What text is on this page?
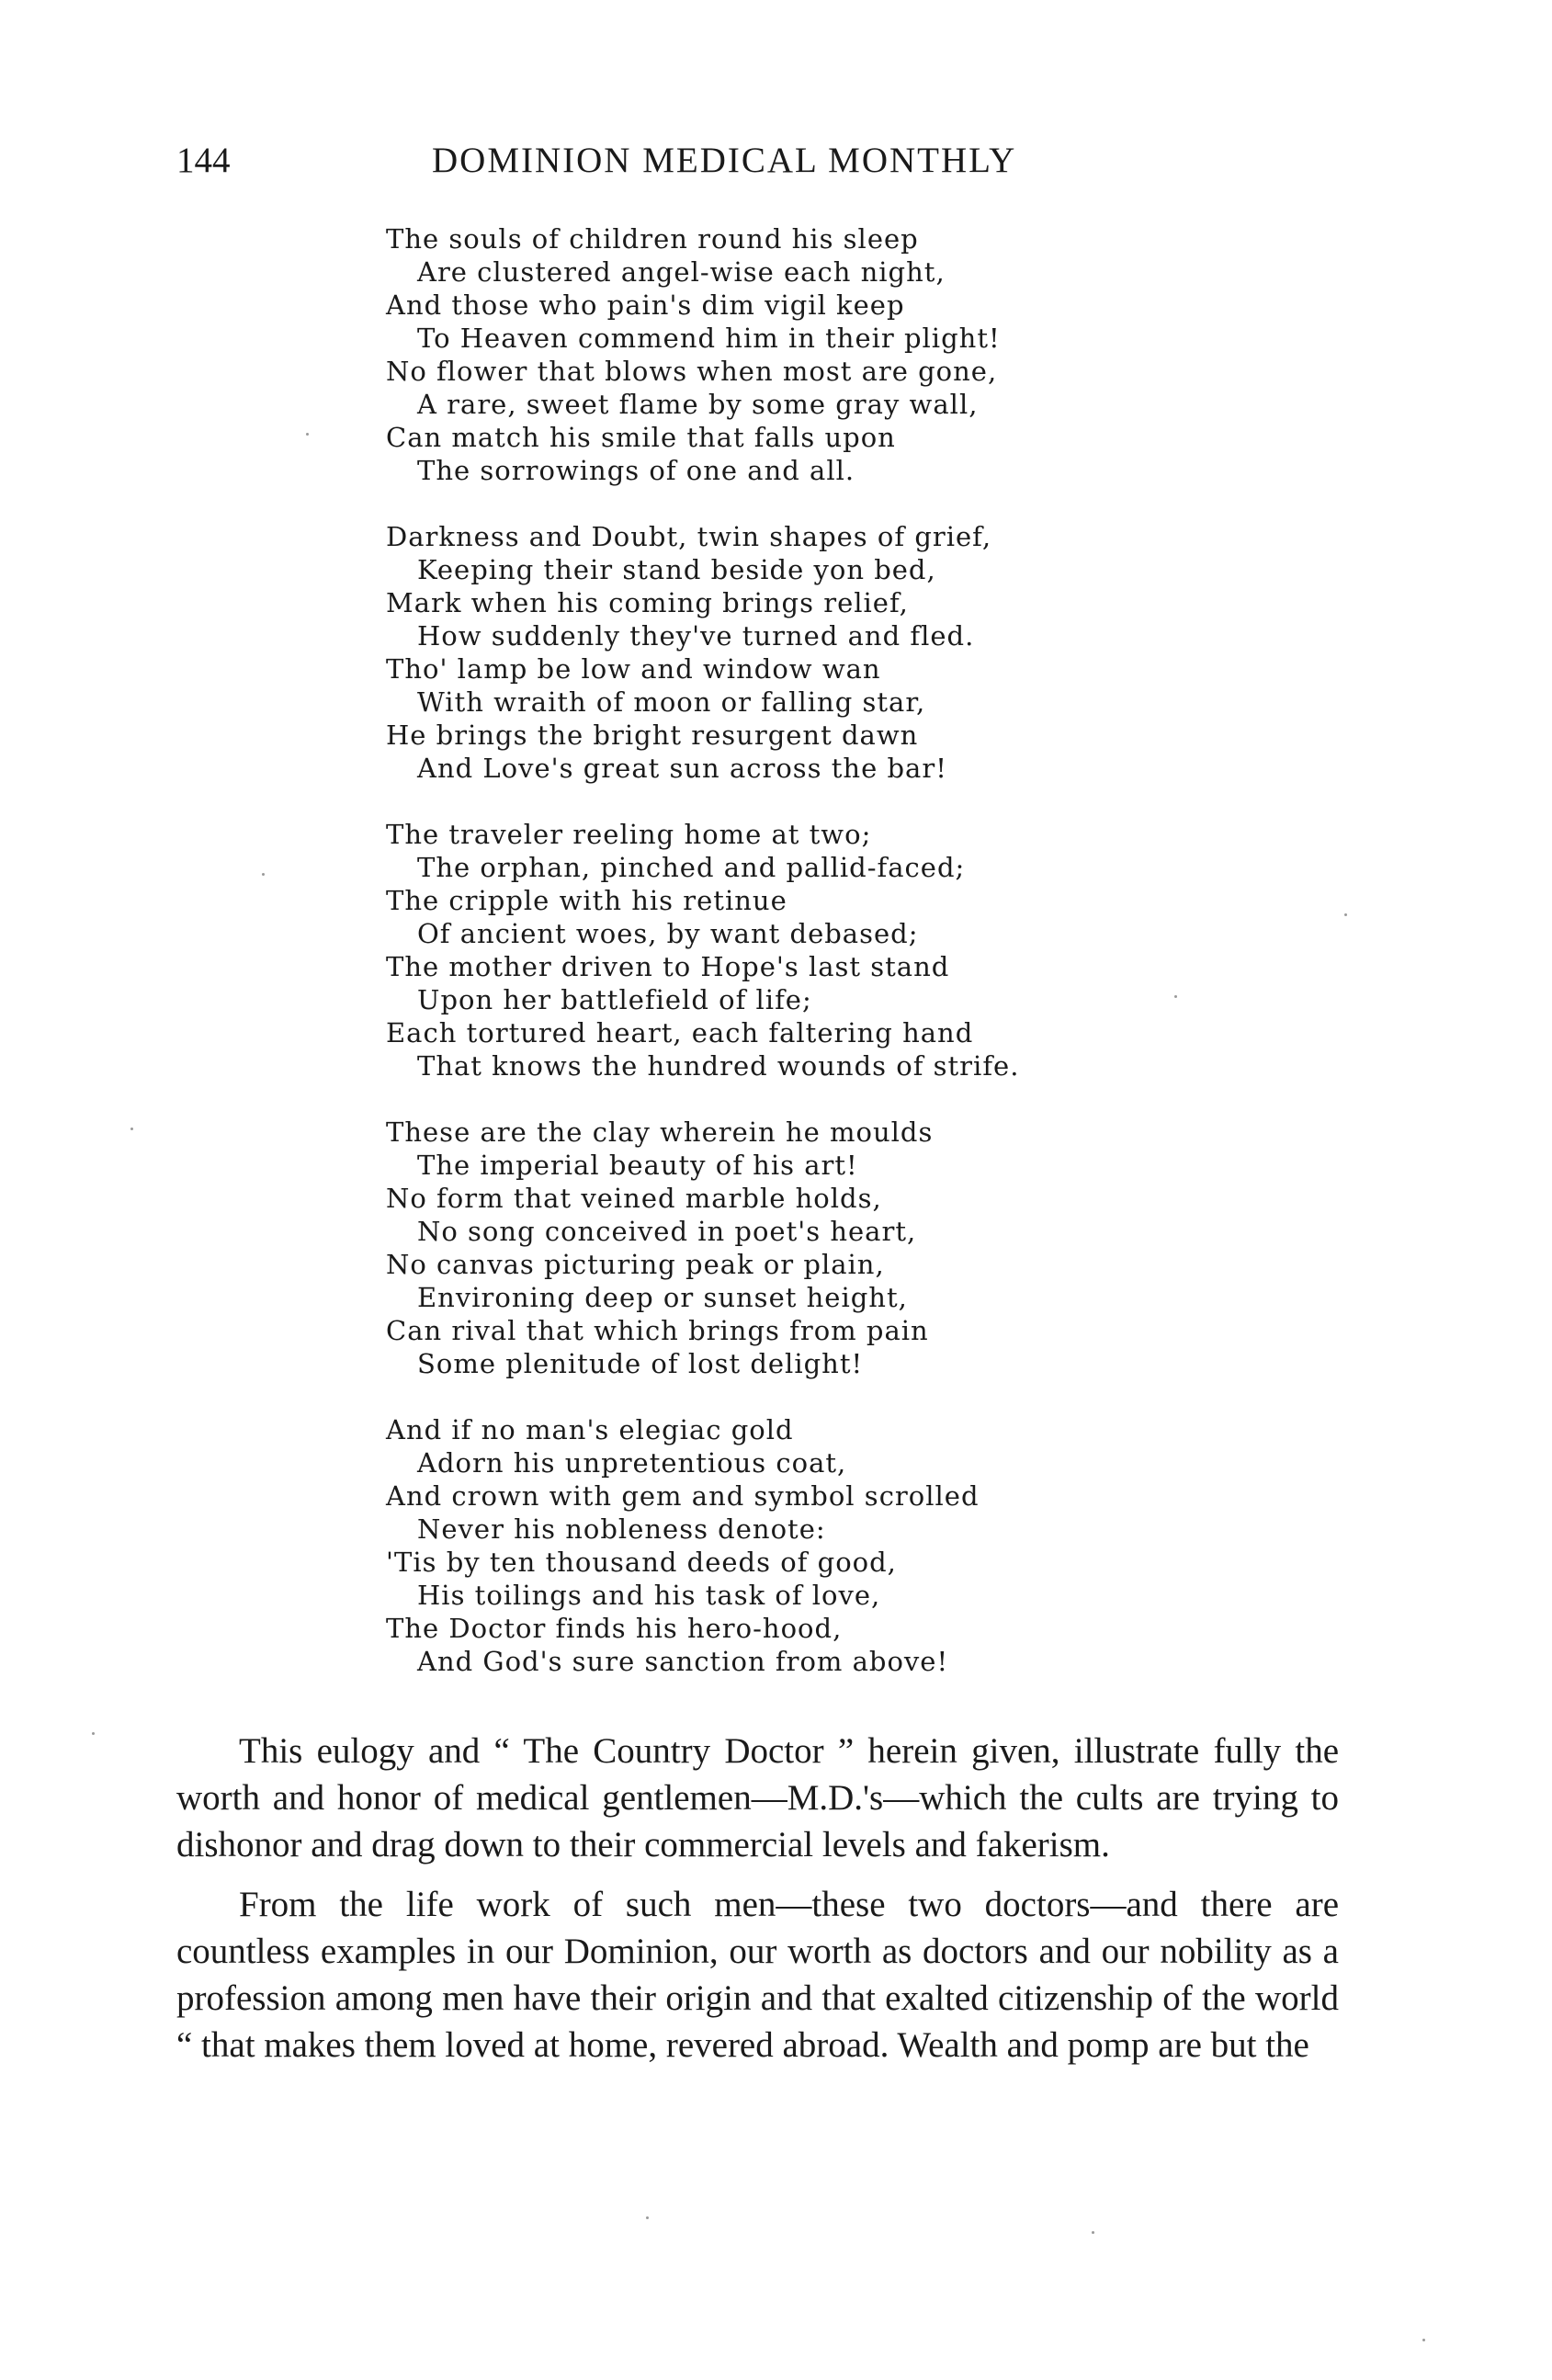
144	DOMINION MEDICAL MONTHLY
The souls of children round his sleep
Are clustered angel-wise each night,
And those who pain's dim vigil keep
To Heaven commend him in their plight!
No flower that blows when most are gone,
A rare, sweet flame by some gray wall,
Can match his smile that falls upon
The sorrowings of one and all.
Darkness and Doubt, twin shapes of grief,
Keeping their stand beside yon bed,
Mark when his coming brings relief,
How suddenly they've turned and fled.
Tho' lamp be low and window wan
With wraith of moon or falling star,
He brings the bright resurgent dawn
And Love's great sun across the bar!
The traveler reeling home at two;
The orphan, pinched and pallid-faced;
The cripple with his retinue
Of ancient woes, by want debased;
The mother driven to Hope's last stand
Upon her battlefield of life;
Each tortured heart, each faltering hand
That knows the hundred wounds of strife.
These are the clay wherein he moulds
The imperial beauty of his art!
No form that veined marble holds,
No song conceived in poet's heart,
No canvas picturing peak or plain,
Environing deep or sunset height,
Can rival that which brings from pain
Some plenitude of lost delight!
And if no man's elegiac gold
Adorn his unpretentious coat,
And crown with gem and symbol scrolled
Never his nobleness denote:
'Tis by ten thousand deeds of good,
His toilings and his task of love,
The Doctor finds his hero-hood,
And God's sure sanction from above!

This eulogy and “ The Country Doctor ” herein given, illustrate fully the worth and honor of medical gentlemen—M.D.'s—which the cults are trying to dishonor and drag down to their commercial levels and fakerism.

From the life work of such men—these two doctors—and there are countless examples in our Dominion, our worth as doctors and our nobility as a profession among men have their origin and that exalted citizenship of the world “ that makes them loved at home, revered abroad. Wealth and pomp are but the
